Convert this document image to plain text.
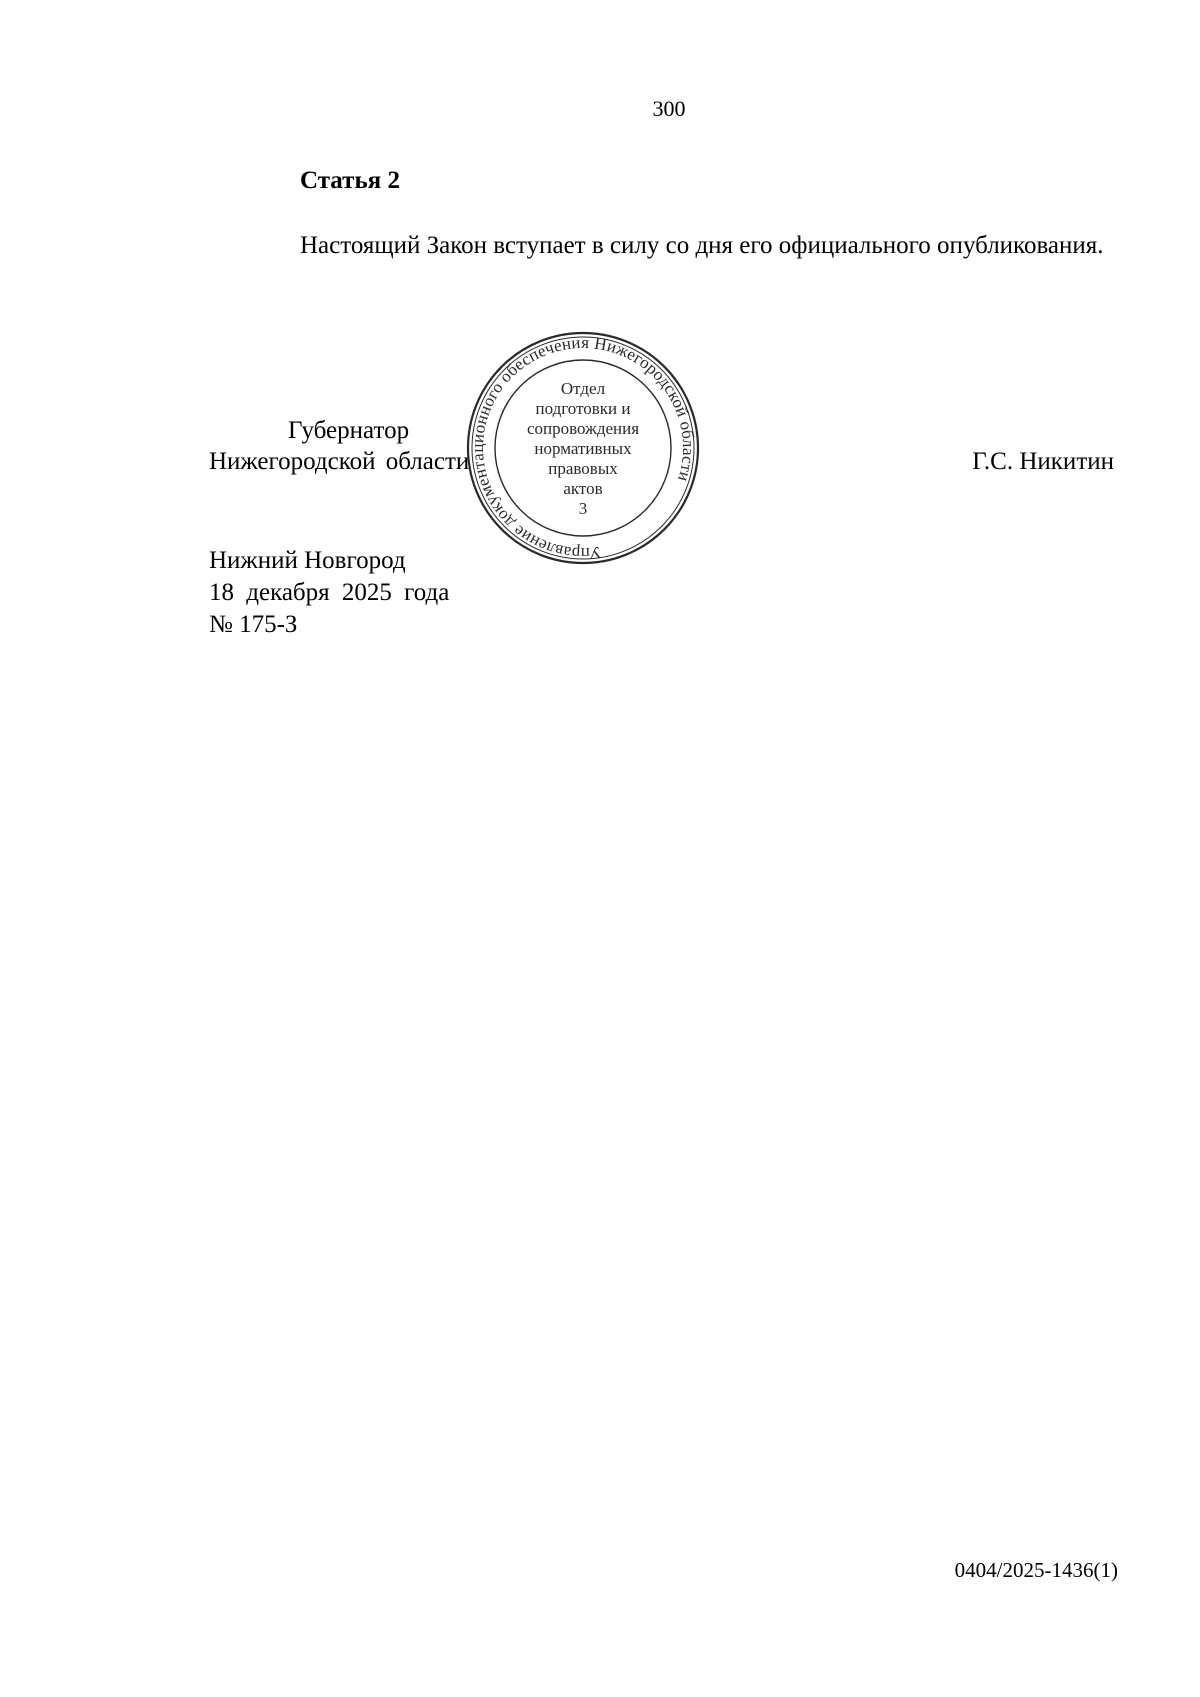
300
Статья 2
Настоящий Закон вступает в силу со дня его официального опубликования.
Губернатор
Нижегородской области	Г.С. Никитин
Управление документационного обеспечения Нижегородской области
Отдел
подготовки и
сопровождения
нормативных
правовых
актов
3
Нижний Новгород
18 декабря 2025 года
№ 175-З
0404/2025-1436(1)
